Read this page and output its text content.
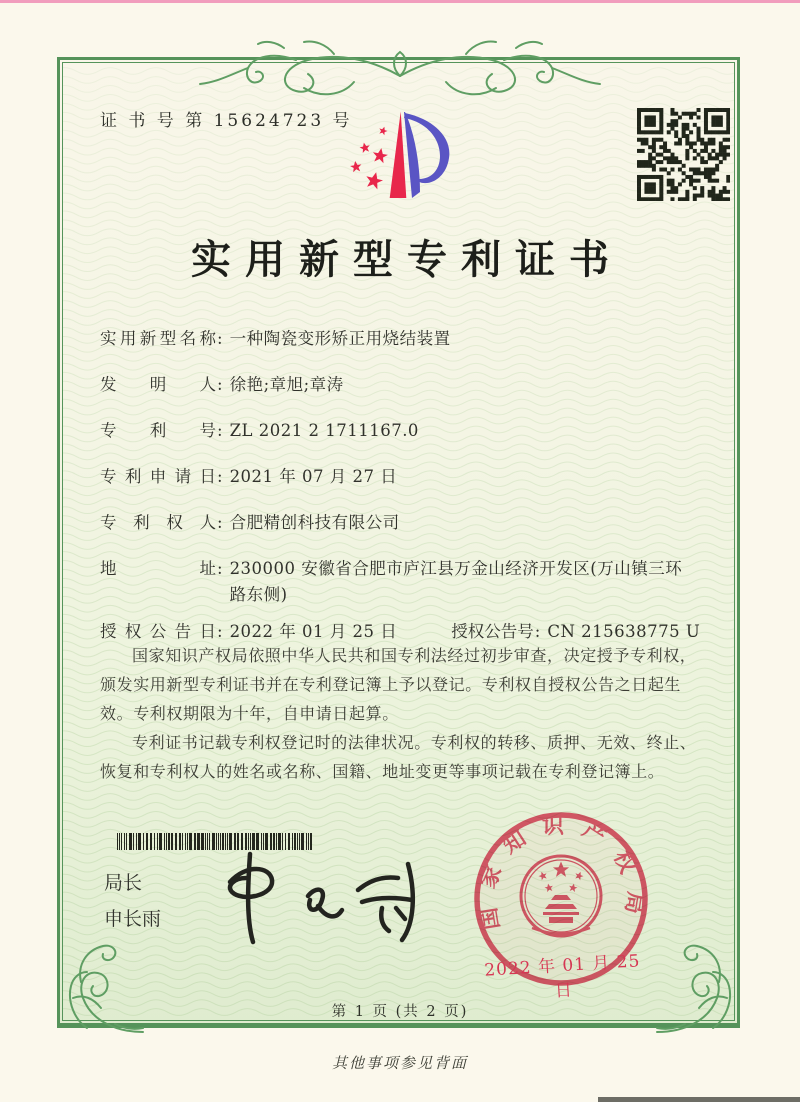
证 书 号 第 15624723 号
实用新型专利证书
实用新型名称 : 一种陶瓷变形矫正用烧结装置
发　明　人 : 徐艳;章旭;章涛
专　利　号 : ZL 2021 2 1711167.0
专利申请日 : 2021 年 07 月 27 日
专　利　权　人 : 合肥精创科技有限公司
地　　　址 : 230000 安徽省合肥市庐江县万金山经济开发区(万山镇三环路东侧)
授权公告日 : 2022 年 01 月 25 日	授权公告号 : CN 215638775 U

国家知识产权局依照中华人民共和国专利法经过初步审查，决定授予专利权，颁发实用新型专利证书并在专利登记簿上予以登记。专利权自授权公告之日起生效。专利权期限为十年，自申请日起算。

专利证书记载专利权登记时的法律状况。专利权的转移、质押、无效、终止、恢复和专利权人的姓名或名称、国籍、地址变更等事项记载在专利登记簿上。

局长
申长雨	国家知识产权局
2022 年 01 月 25 日
第 1 页 (共 2 页)
其他事项参见背面
